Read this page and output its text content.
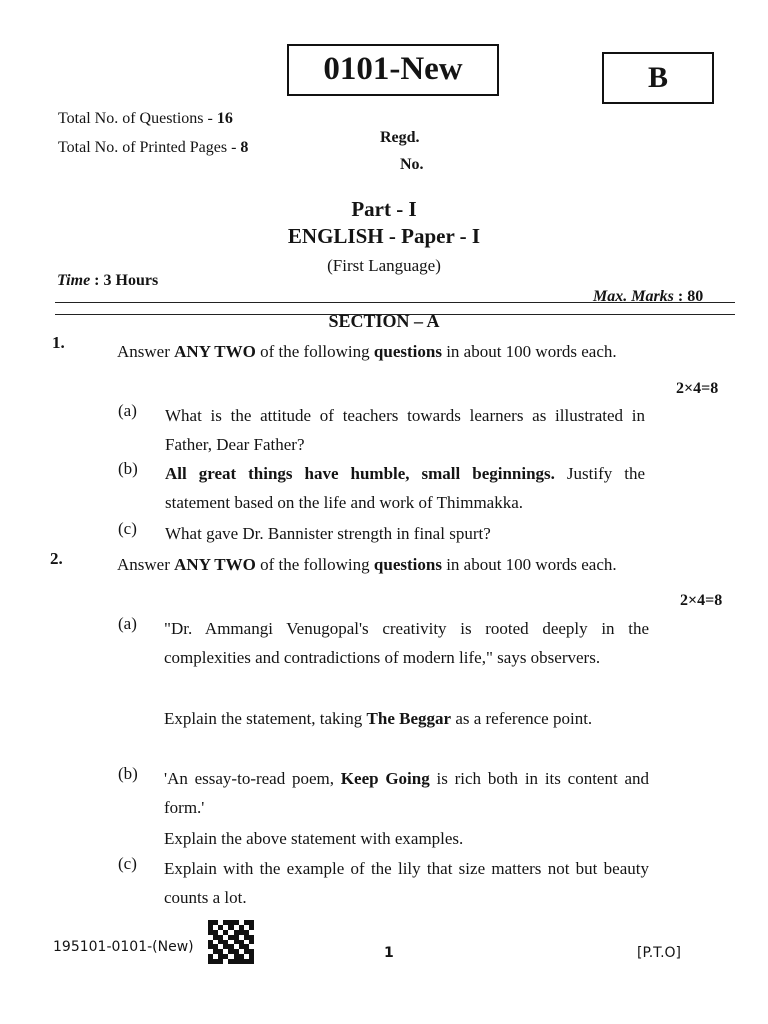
0101-New	B
Total No. of Questions - 16
Total No. of Printed Pages - 8
Regd.
No.
Part - I
ENGLISH - Paper - I
(First Language)
Time : 3 Hours
Max. Marks : 80
SECTION – A
1.	Answer ANY TWO of the following questions in about 100 words each.
2×4=8
(a) What is the attitude of teachers towards learners as illustrated in Father, Dear Father?
(b) All great things have humble, small beginnings. Justify the statement based on the life and work of Thimmakka.
(c) What gave Dr. Bannister strength in final spurt?
2.	Answer ANY TWO of the following questions in about 100 words each.
2×4=8
(a) "Dr. Ammangi Venugopal's creativity is rooted deeply in the complexities and contradictions of modern life," says observers.
Explain the statement, taking The Beggar as a reference point.
(b) 'An essay-to-read poem, Keep Going is rich both in its content and form.'
Explain the above statement with examples.
(c) Explain with the example of the lily that size matters not but beauty counts a lot.
195101-0101-(New)	1	[P.T.O]
